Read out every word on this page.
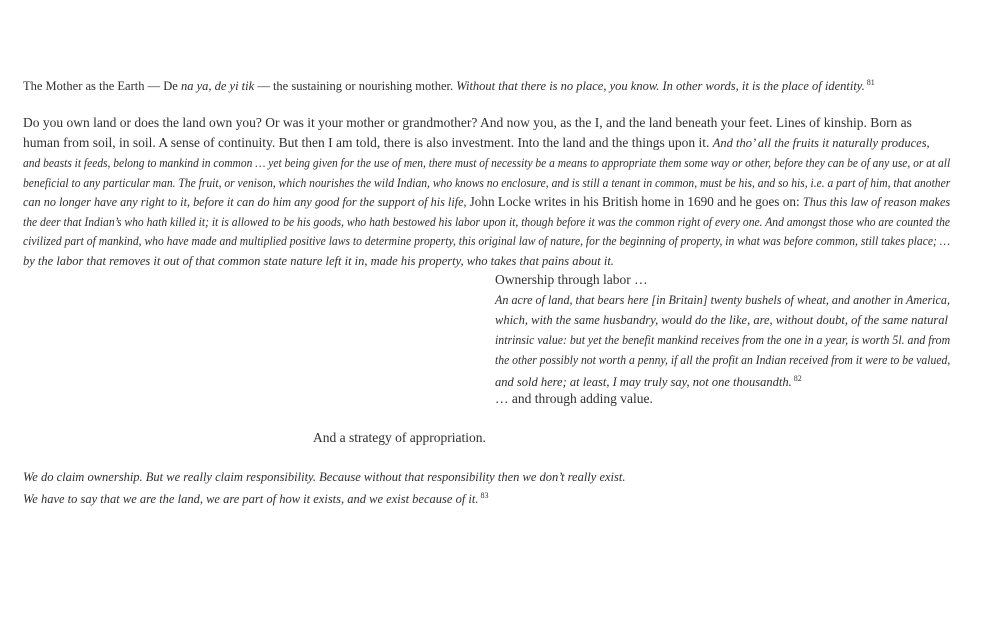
The Mother as the Earth — De na ya, de yi tik — the sustaining or nourishing mother. Without that there is no place, you know. In other words, it is the place of identity. $^{81}$
Do you own land or does the land own you? Or was it your mother or grandmother? And now you, as the I, and the land beneath your feet. Lines of kinship. Born as
human from soil, in soil. A sense of continuity. But then I am told, there is also investment. Into the land and the things upon it. And tho’ all the fruits it naturally produces,
and beasts it feeds, belong to mankind in common … yet being given for the use of men, there must of necessity be a means to appropriate them some way or other, before they can be of any use, or at all
beneficial to any particular man. The fruit, or venison, which nourishes the wild Indian, who knows no enclosure, and is still a tenant in common, must be his, and so his, i.e. a part of him, that another
can no longer have any right to it, before it can do him any good for the support of his life, John Locke writes in his British home in 1690 and he goes on: Thus this law of reason makes
the deer that Indian’s who hath killed it; it is allowed to be his goods, who hath bestowed his labor upon it, though before it was the common right of every one. And amongst those who are counted the
civilized part of mankind, who have made and multiplied positive laws to determine property, this original law of nature, for the beginning of property, in what was before common, still takes place; …
by the labor that removes it out of that common state nature left it in, made his property, who takes that pains about it.
Ownership through labor …
An acre of land, that bears here [in Britain] twenty bushels of wheat, and another in America,
which, with the same husbandry, would do the like, are, without doubt, of the same natural
intrinsic value: but yet the benefit mankind receives from the one in a year, is worth 5l. and from
the other possibly not worth a penny, if all the profit an Indian received from it were to be valued,
and sold here; at least, I may truly say, not one thousandth. $^{82}$
… and through adding value.
And a strategy of appropriation.
We do claim ownership. But we really claim responsibility. Because without that responsibility then we don’t really exist.
We have to say that we are the land, we are part of how it exists, and we exist because of it. $^{83}$
